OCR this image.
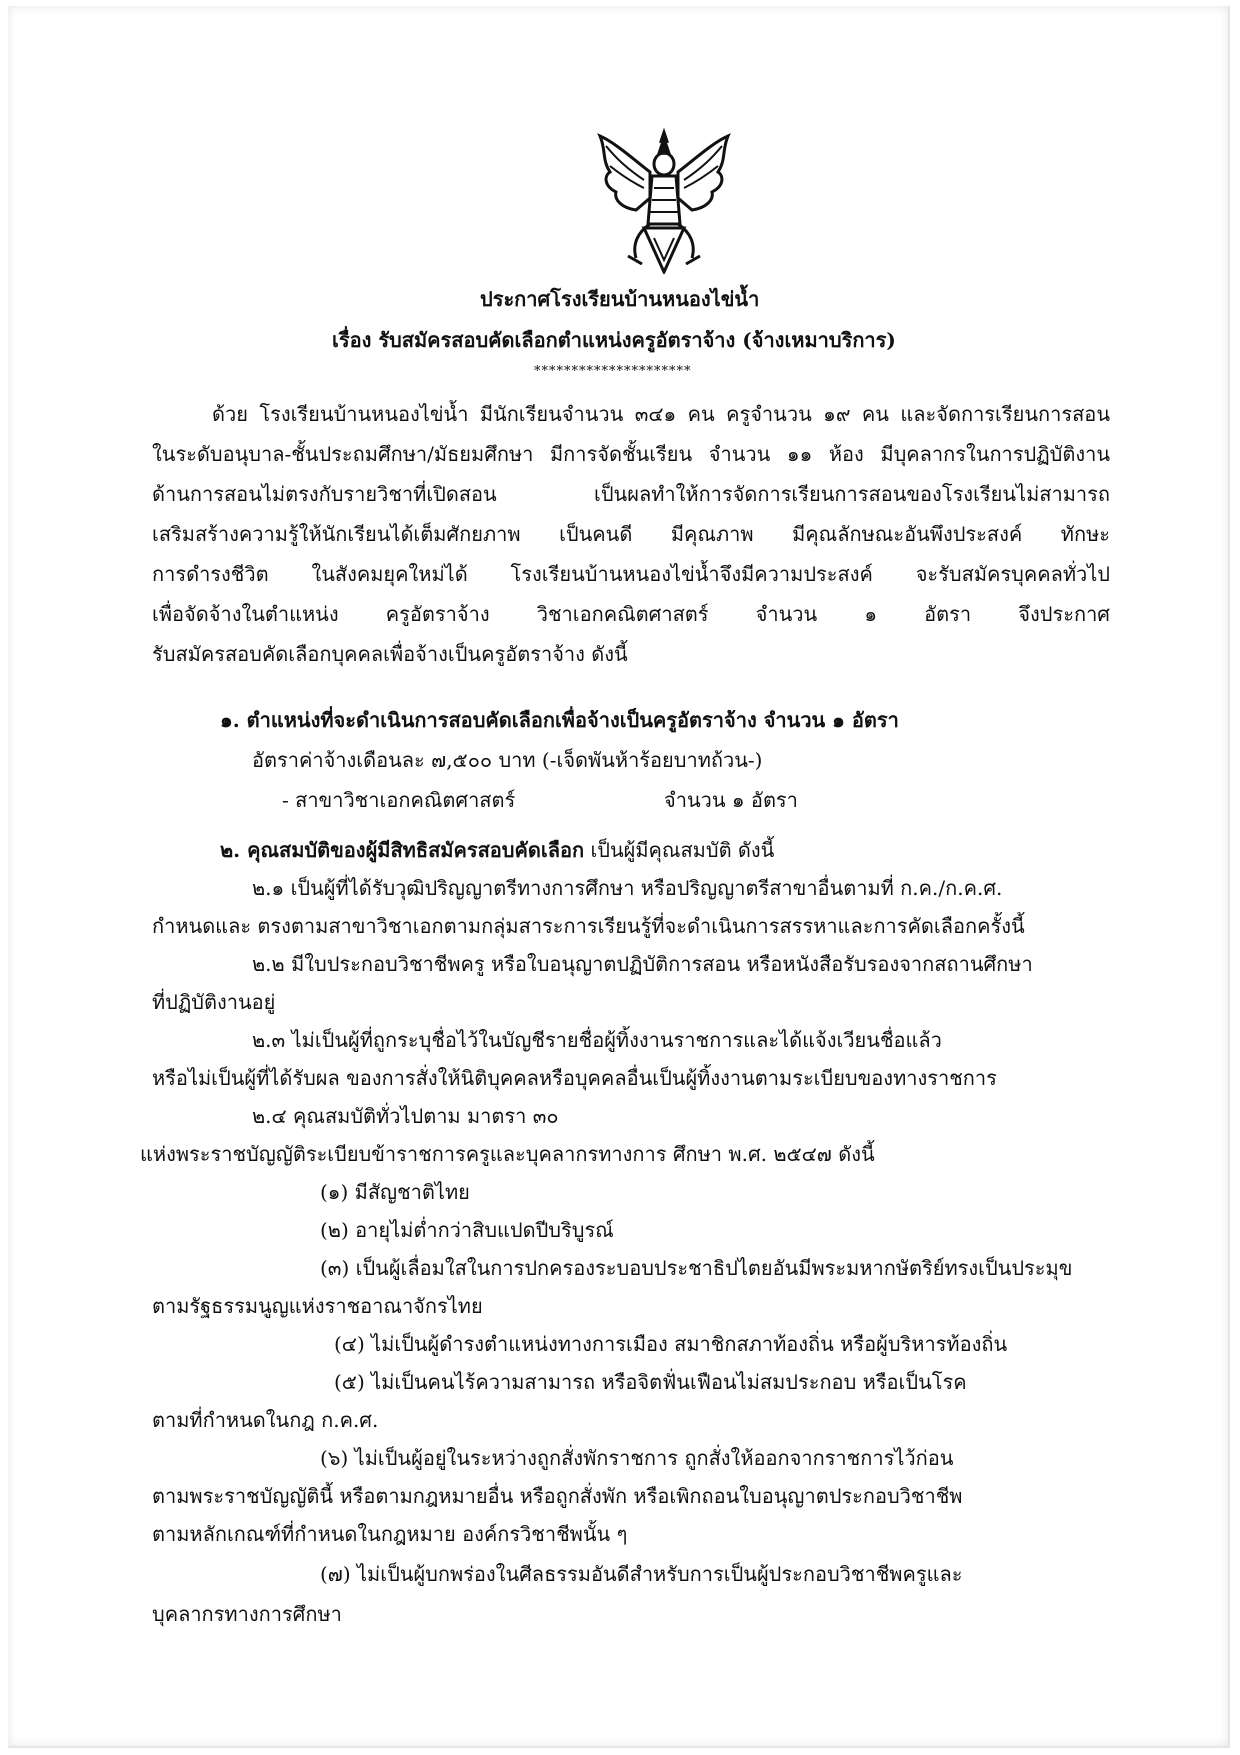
ประกาศโรงเรียนบ้านหนองไข่น้ำ
เรื่อง รับสมัครสอบคัดเลือกตำแหน่งครูอัตราจ้าง (จ้างเหมาบริการ)
*********************
ด้วย โรงเรียนบ้านหนองไข่น้ำ มีนักเรียนจำนวน ๓๔๑ คน ครูจำนวน ๑๙ คน และจัดการเรียนการสอน
ในระดับอนุบาล-ชั้นประถมศึกษา/มัธยมศึกษา มีการจัดชั้นเรียน จำนวน ๑๑ ห้อง มีบุคลากรในการปฏิบัติงาน
ด้านการสอนไม่ตรงกับรายวิชาที่เปิดสอน เป็นผลทำให้การจัดการเรียนการสอนของโรงเรียนไม่สามารถ
เสริมสร้างความรู้ให้นักเรียนได้เต็มศักยภาพ เป็นคนดี มีคุณภาพ มีคุณลักษณะอันพึงประสงค์ ทักษะ
การดำรงชีวิต ในสังคมยุคใหม่ได้ โรงเรียนบ้านหนองไข่น้ำจึงมีความประสงค์ จะรับสมัครบุคคลทั่วไป
เพื่อจัดจ้างในตำแหน่ง ครูอัตราจ้าง วิชาเอกคณิตศาสตร์ จำนวน ๑ อัตรา จึงประกาศ
รับสมัครสอบคัดเลือกบุคคลเพื่อจ้างเป็นครูอัตราจ้าง ดังนี้
๑. ตำแหน่งที่จะดำเนินการสอบคัดเลือกเพื่อจ้างเป็นครูอัตราจ้าง จำนวน ๑ อัตรา
อัตราค่าจ้างเดือนละ ๗,๕๐๐ บาท (-เจ็ดพันห้าร้อยบาทถ้วน-)
- สาขาวิชาเอกคณิตศาสตร์	จำนวน ๑ อัตรา
๒. คุณสมบัติของผู้มีสิทธิสมัครสอบคัดเลือก เป็นผู้มีคุณสมบัติ ดังนี้
๒.๑ เป็นผู้ที่ได้รับวุฒิปริญญาตรีทางการศึกษา หรือปริญญาตรีสาขาอื่นตามที่ ก.ค./ก.ค.ศ.
กำหนดและ ตรงตามสาขาวิชาเอกตามกลุ่มสาระการเรียนรู้ที่จะดำเนินการสรรหาและการคัดเลือกครั้งนี้
๒.๒ มีใบประกอบวิชาชีพครู หรือใบอนุญาตปฏิบัติการสอน หรือหนังสือรับรองจากสถานศึกษา
ที่ปฏิบัติงานอยู่
๒.๓ ไม่เป็นผู้ที่ถูกระบุชื่อไว้ในบัญชีรายชื่อผู้ทิ้งงานราชการและได้แจ้งเวียนชื่อแล้ว
หรือไม่เป็นผู้ที่ได้รับผล ของการสั่งให้นิติบุคคลหรือบุคคลอื่นเป็นผู้ทิ้งงานตามระเบียบของทางราชการ
๒.๔ คุณสมบัติทั่วไปตาม มาตรา ๓๐
แห่งพระราชบัญญัติระเบียบข้าราชการครูและบุคลากรทางการ ศึกษา พ.ศ. ๒๕๔๗ ดังนี้
(๑) มีสัญชาติไทย
(๒) อายุไม่ต่ำกว่าสิบแปดปีบริบูรณ์
(๓) เป็นผู้เลื่อมใสในการปกครองระบอบประชาธิปไตยอันมีพระมหากษัตริย์ทรงเป็นประมุข
ตามรัฐธรรมนูญแห่งราชอาณาจักรไทย
(๔) ไม่เป็นผู้ดำรงตำแหน่งทางการเมือง สมาชิกสภาท้องถิ่น หรือผู้บริหารท้องถิ่น
(๕) ไม่เป็นคนไร้ความสามารถ หรือจิตฟั่นเฟือนไม่สมประกอบ หรือเป็นโรค
ตามที่กำหนดในกฎ ก.ค.ศ.
(๖) ไม่เป็นผู้อยู่ในระหว่างถูกสั่งพักราชการ ถูกสั่งให้ออกจากราชการไว้ก่อน
ตามพระราชบัญญัตินี้ หรือตามกฎหมายอื่น หรือถูกสั่งพัก หรือเพิกถอนใบอนุญาตประกอบวิชาชีพ
ตามหลักเกณฑ์ที่กำหนดในกฎหมาย องค์กรวิชาชีพนั้น ๆ
(๗) ไม่เป็นผู้บกพร่องในศีลธรรมอันดีสำหรับการเป็นผู้ประกอบวิชาชีพครูและ
บุคลากรทางการศึกษา
